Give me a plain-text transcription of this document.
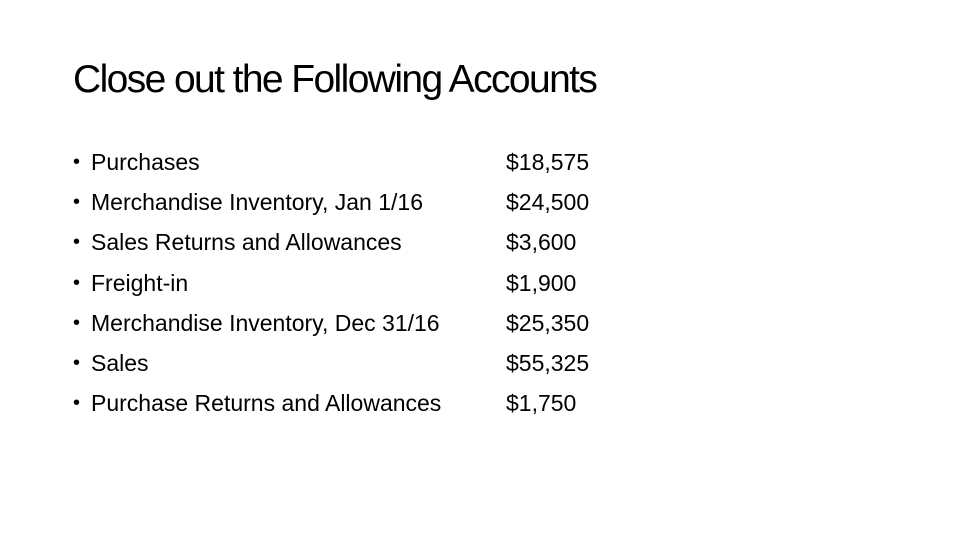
Close out the Following Accounts
• Purchases	$18,575
• Merchandise Inventory, Jan 1/16	$24,500
• Sales Returns and Allowances	$3,600
• Freight-in	$1,900
• Merchandise Inventory, Dec 31/16	$25,350
• Sales	$55,325
• Purchase Returns and Allowances	$1,750
